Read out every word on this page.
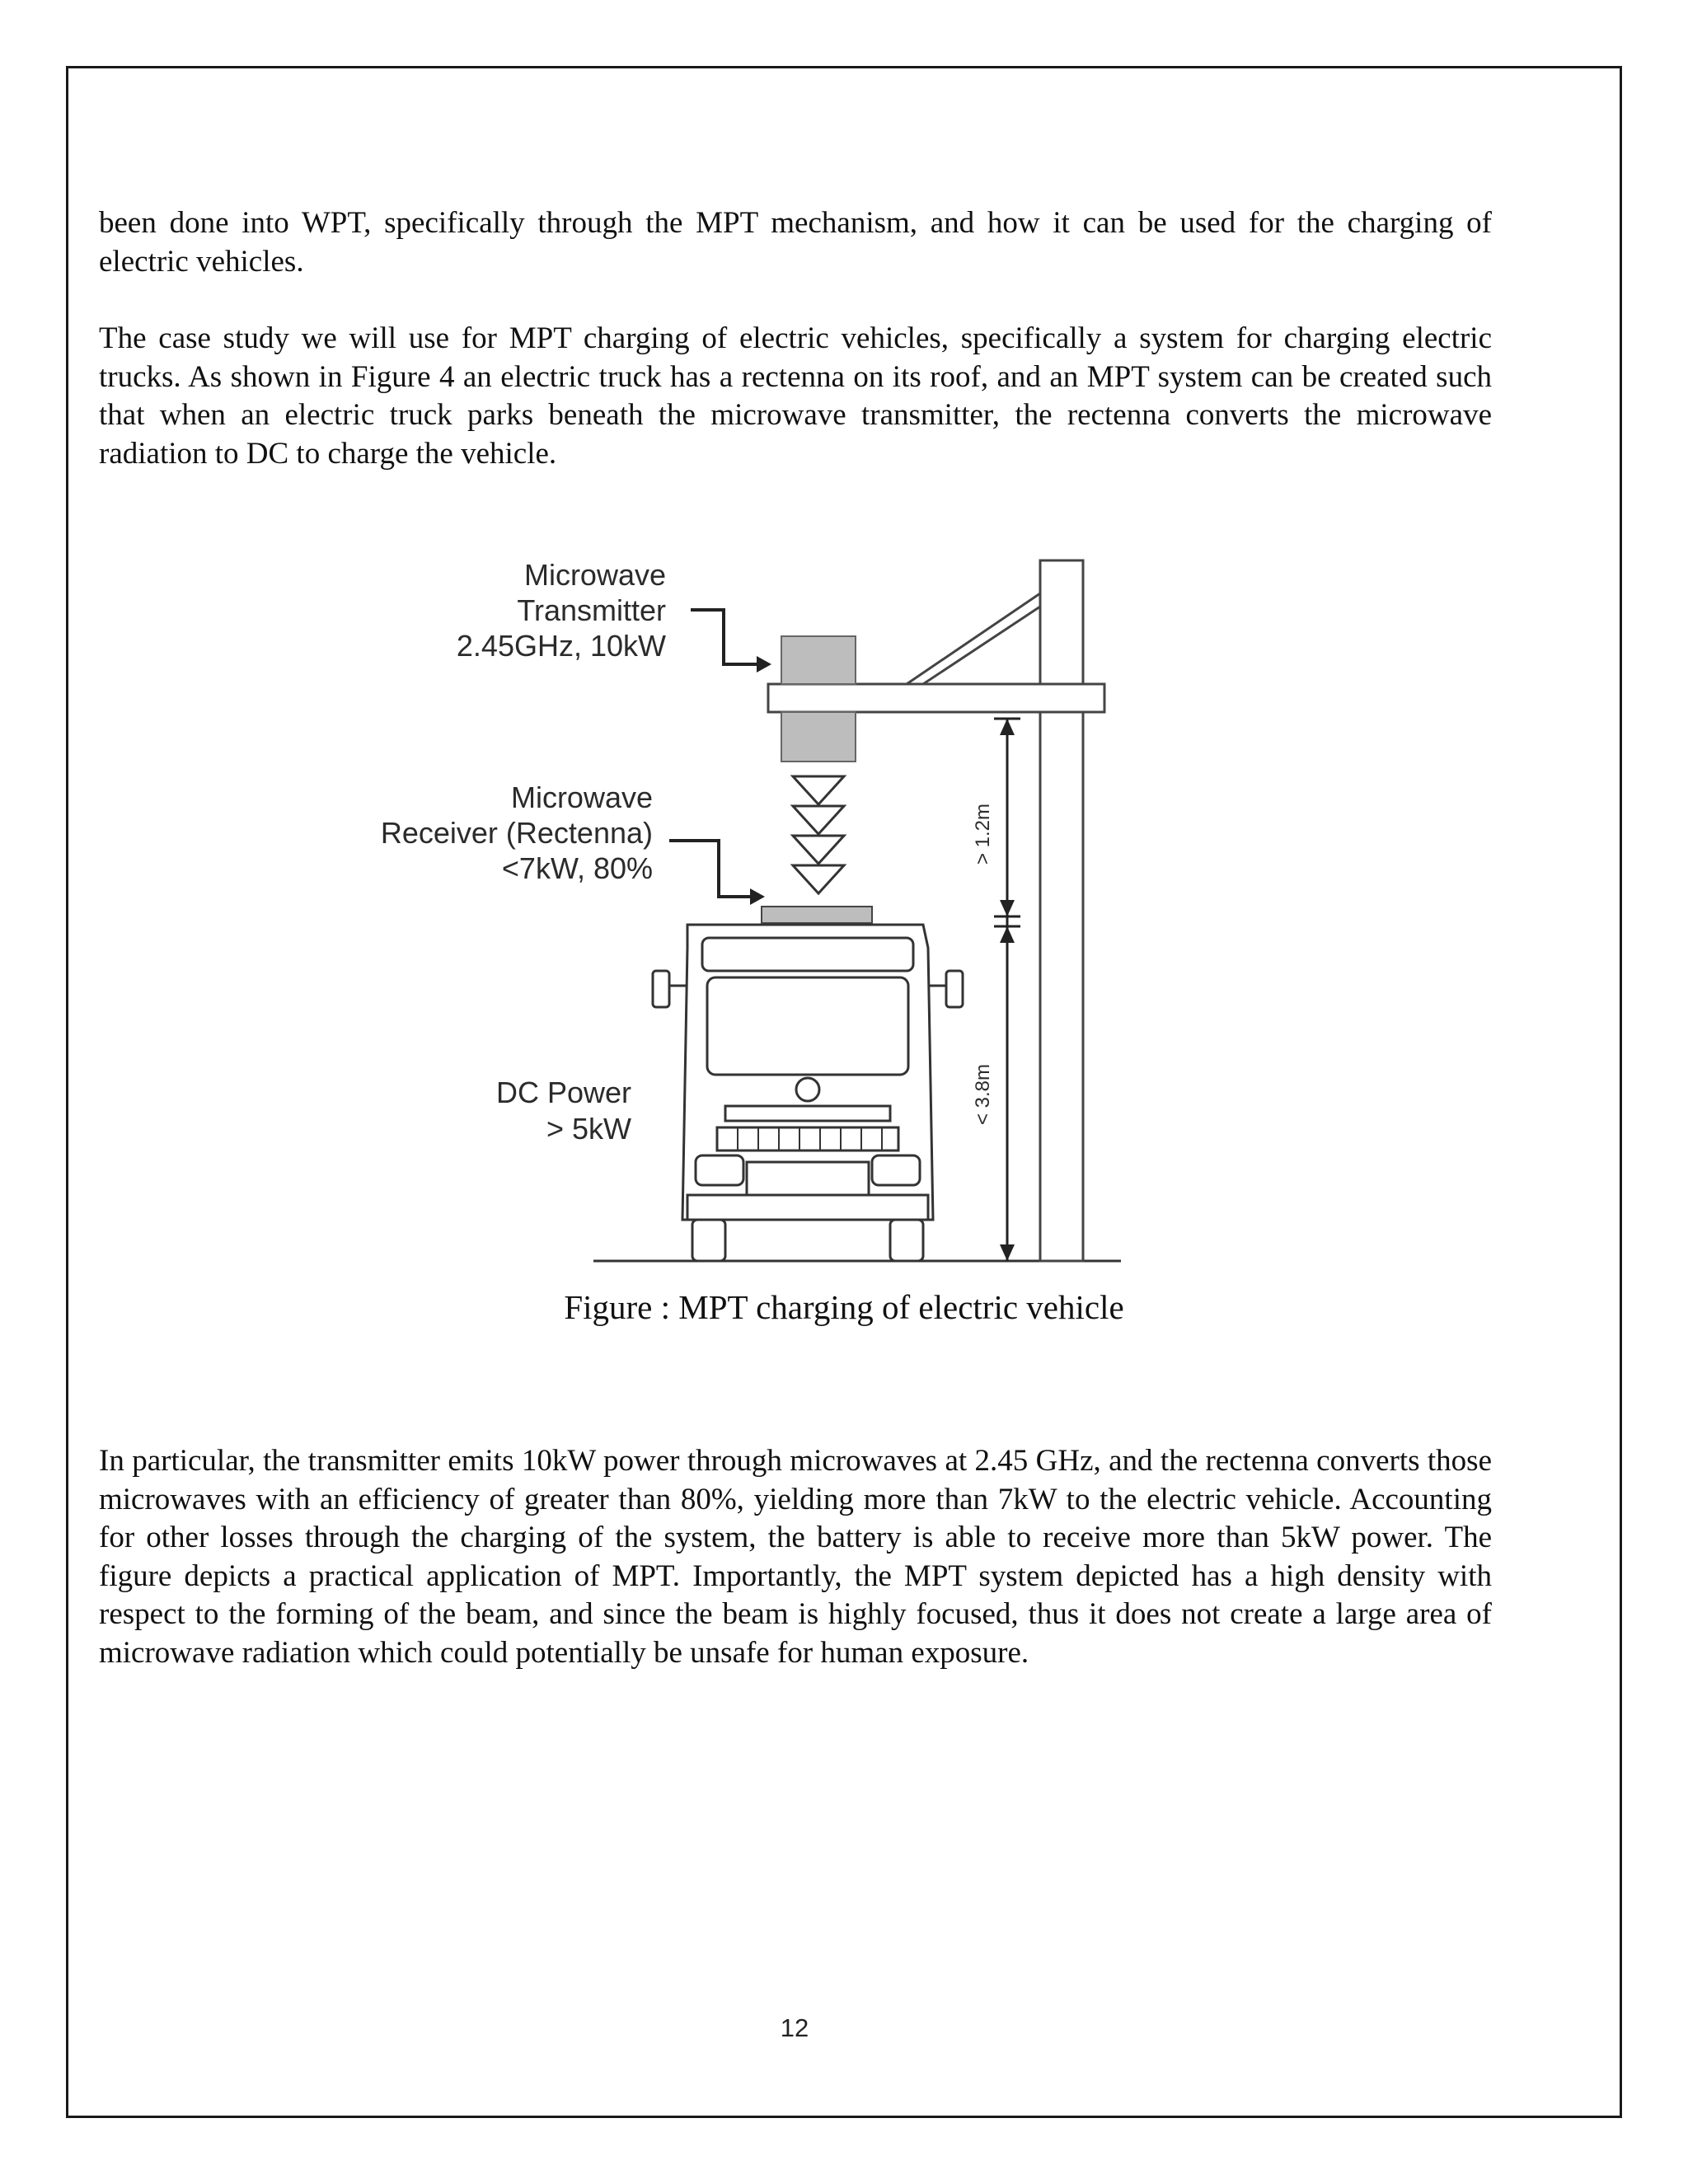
been done into WPT, specifically through the MPT mechanism, and how it can be used for the charging of electric vehicles.

The case study we will use for MPT charging of electric vehicles, specifically a system for charging electric trucks. As shown in Figure 4 an electric truck has a rectenna on its roof, and an MPT system can be created such that when an electric truck parks beneath the microwave transmitter, the rectenna converts the microwave radiation to DC to charge the vehicle.

Microwave
Transmitter
2.45GHz, 10kW
Microwave
Receiver (Rectenna)
<7kW, 80%
DC Power
> 5kW
> 1.2m
< 3.8m
Figure : MPT charging of electric vehicle

In particular, the transmitter emits 10kW power through microwaves at 2.45 GHz, and the rectenna converts those microwaves with an efficiency of greater than 80%, yielding more than 7kW to the electric vehicle. Accounting for other losses through the charging of the system, the battery is able to receive more than 5kW power. The figure depicts a practical application of MPT. Importantly, the MPT system depicted has a high density with respect to the forming of the beam, and since the beam is highly focused, thus it does not create a large area of microwave radiation which could potentially be unsafe for human exposure.

12
